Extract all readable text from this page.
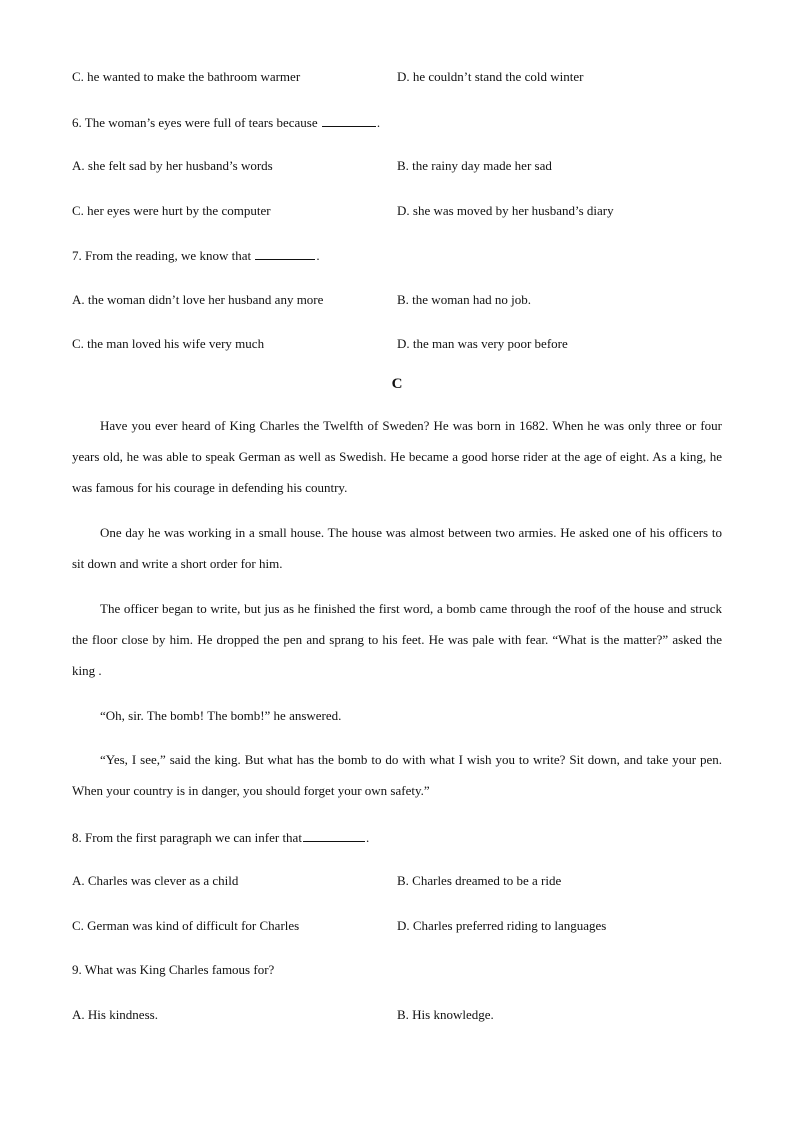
C. he wanted to make the bathroom warmer	D. he couldn’t stand the cold winter
6. The woman’s eyes were full of tears because	.
A. she felt sad by her husband’s words	B. the rainy day made her sad
C. her eyes were hurt by the computer	D. she was moved by her husband’s diary
7. From the reading, we know that	.
A. the woman didn’t love her husband any more	B. the woman had no job.
C. the man loved his wife very much	D. the man was very poor before
C
Have you ever heard of King Charles the Twelfth of Sweden? He was born in 1682. When he was only three or four years old, he was able to speak German as well as Swedish. He became a good horse rider at the age of eight. As a king, he was famous for his courage in defending his country.
One day he was working in a small house. The house was almost between two armies. He asked one of his officers to sit down and write a short order for him.
The officer began to write, but jus as he finished the first word, a bomb came through the roof of the house and struck the floor close by him. He dropped the pen and sprang to his feet. He was pale with fear. “What is the matter?” asked the king .
“Oh, sir. The bomb! The bomb!” he answered.
“Yes, I see,” said the king. But what has the bomb to do with what I wish you to write? Sit down, and take your pen. When your country is in danger, you should forget your own safety.”
8. From the first paragraph we can infer that	.
A. Charles was clever as a child	B. Charles dreamed to be a ride
C. German was kind of difficult for Charles	D. Charles preferred riding to languages
9. What was King Charles famous for?
A. His kindness.	B. His knowledge.
